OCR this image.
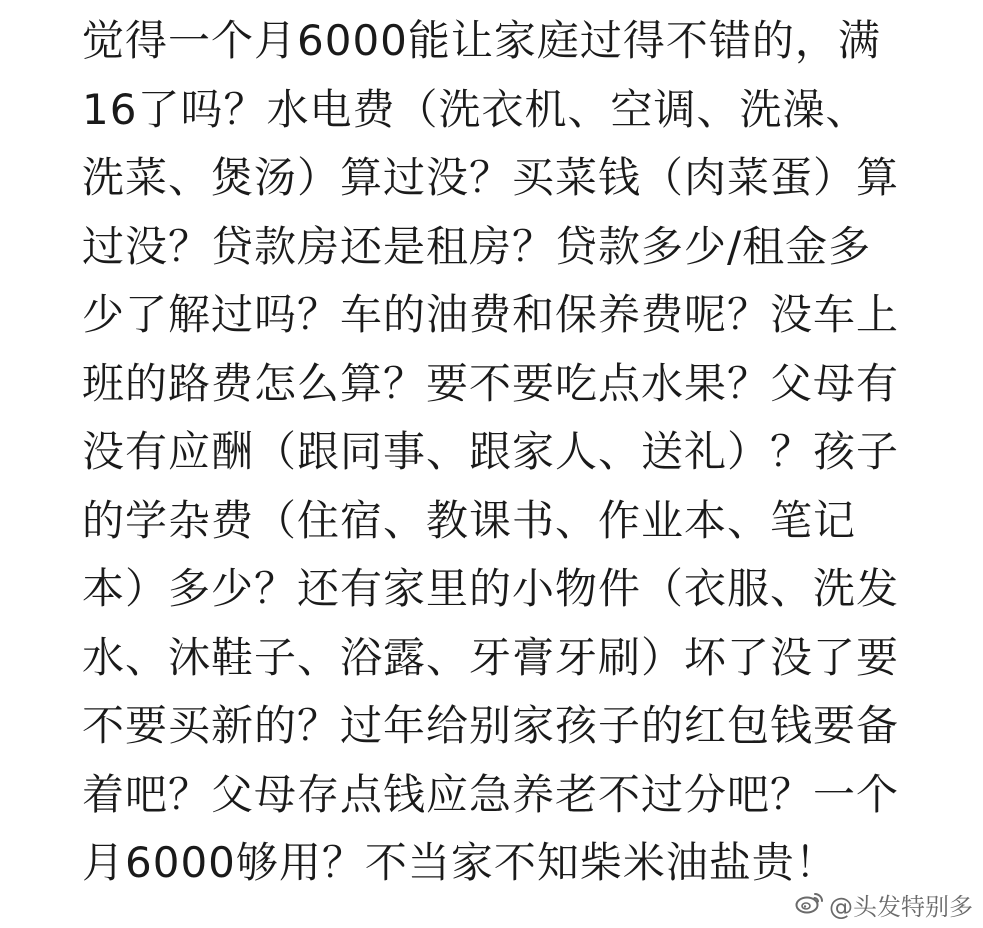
觉得一个月6000能让家庭过得不错的，满
16了吗？水电费（洗衣机、空调、洗澡、
洗菜、煲汤）算过没？买菜钱（肉菜蛋）算
过没？贷款房还是租房？贷款多少/租金多
少了解过吗？车的油费和保养费呢？没车上
班的路费怎么算？要不要吃点水果？父母有
没有应酬（跟同事、跟家人、送礼）？孩子
的学杂费（住宿、教课书、作业本、笔记
本）多少？还有家里的小物件（衣服、洗发
水、沐鞋子、浴露、牙膏牙刷）坏了没了要
不要买新的？过年给别家孩子的红包钱要备
着吧？父母存点钱应急养老不过分吧？一个
月6000够用？不当家不知柴米油盐贵！
@头发特别多
